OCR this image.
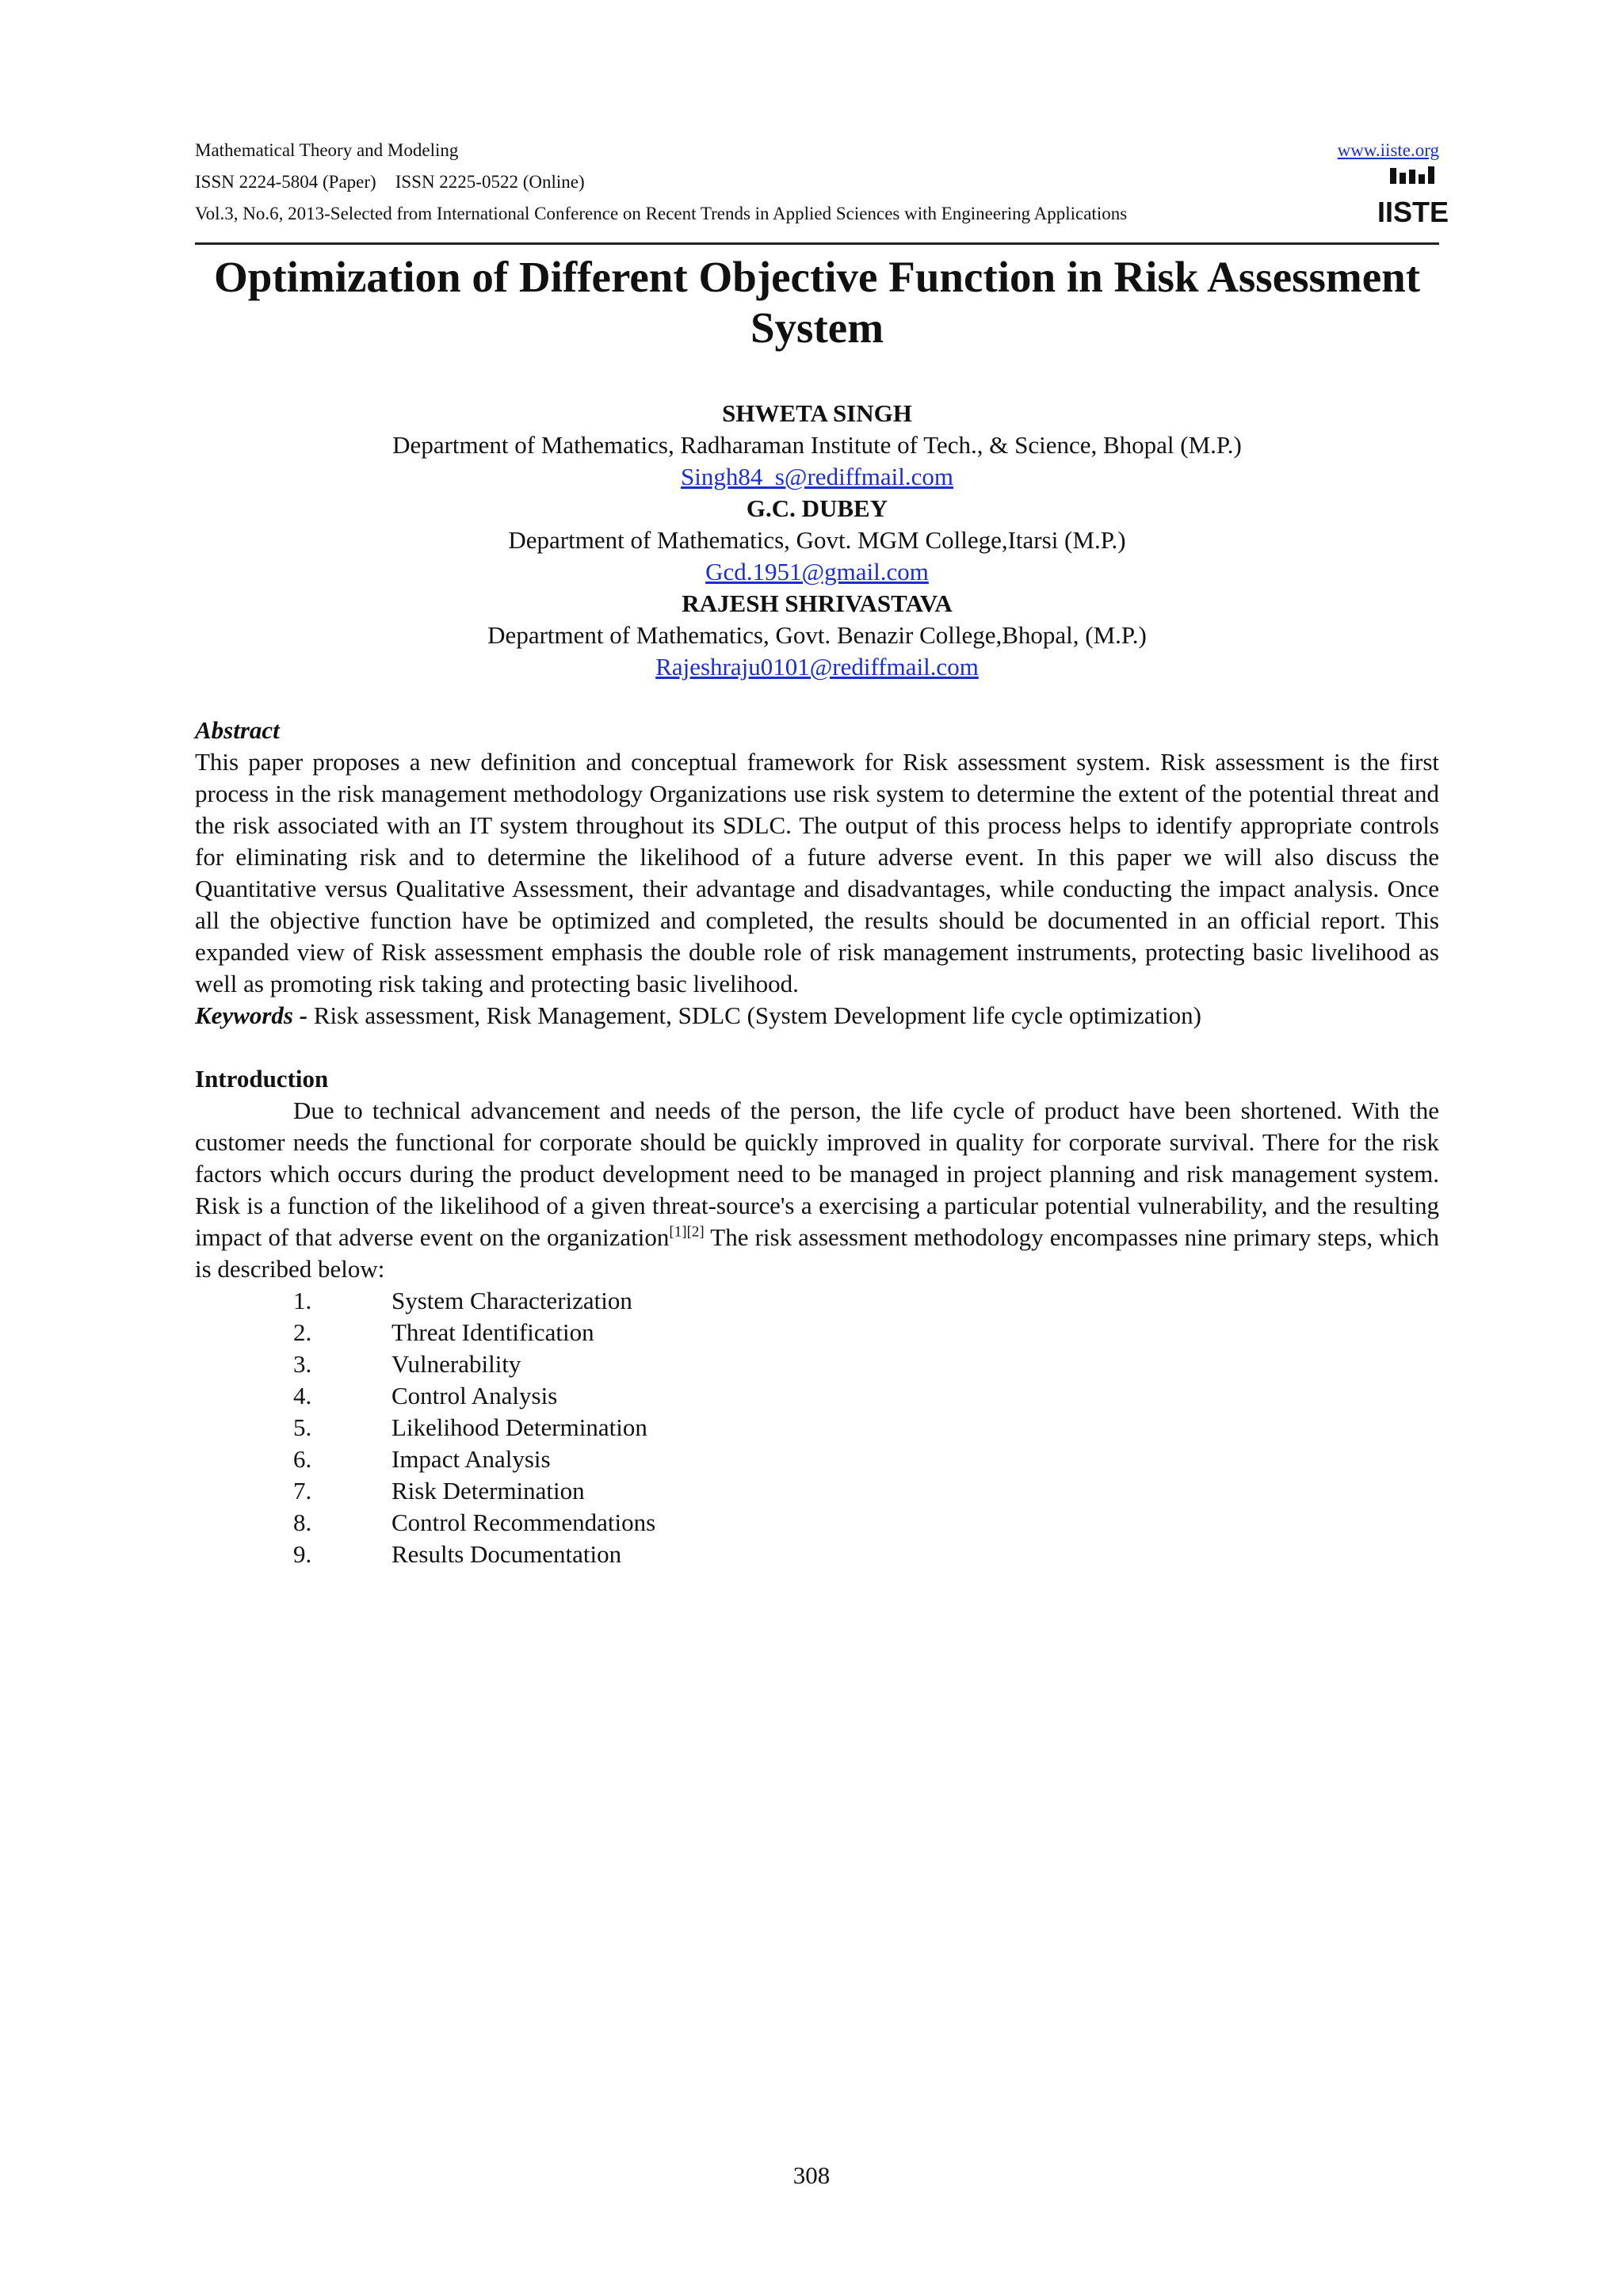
Mathematical Theory and Modeling	www.iiste.org
ISSN 2224-5804 (Paper) ISSN 2225-0522 (Online)
Vol.3, No.6, 2013-Selected from International Conference on Recent Trends in Applied Sciences with Engineering Applications	IISTE
Optimization of Different Objective Function in Risk Assessment
System
SHWETA SINGH
Department of Mathematics, Radharaman Institute of Tech., & Science, Bhopal (M.P.)
Singh84_s@rediffmail.com
G.C. DUBEY
Department of Mathematics, Govt. MGM College,Itarsi (M.P.)
Gcd.1951@gmail.com
RAJESH SHRIVASTAVA
Department of Mathematics, Govt. Benazir College,Bhopal, (M.P.)
Rajeshraju0101@rediffmail.com
Abstract

This paper proposes a new definition and conceptual framework for Risk assessment system. Risk assessment is the first process in the risk management methodology Organizations use risk system to determine the extent of the potential threat and the risk associated with an IT system throughout its SDLC. The output of this process helps to identify appropriate controls for eliminating risk and to determine the likelihood of a future adverse event. In this paper we will also discuss the Quantitative versus Qualitative Assessment, their advantage and disadvantages, while conducting the impact analysis. Once all the objective function have be optimized and completed, the results should be documented in an official report. This expanded view of Risk assessment emphasis the double role of risk management instruments, protecting basic livelihood as well as promoting risk taking and protecting basic livelihood.

Keywords - Risk assessment, Risk Management, SDLC (System Development life cycle optimization)
Introduction

Due to technical advancement and needs of the person, the life cycle of product have been shortened. With the customer needs the functional for corporate should be quickly improved in quality for corporate survival. There for the risk factors which occurs during the product development need to be managed in project planning and risk management system. Risk is a function of the likelihood of a given threat-source's a exercising a particular potential vulnerability, and the resulting impact of that adverse event on the organization[1][2] The risk assessment methodology encompasses nine primary steps, which is described below:

1.	System Characterization
2.	Threat Identification
3.	Vulnerability
4.	Control Analysis
5.	Likelihood Determination
6.	Impact Analysis
7.	Risk Determination
8.	Control Recommendations
9.	Results Documentation
308
